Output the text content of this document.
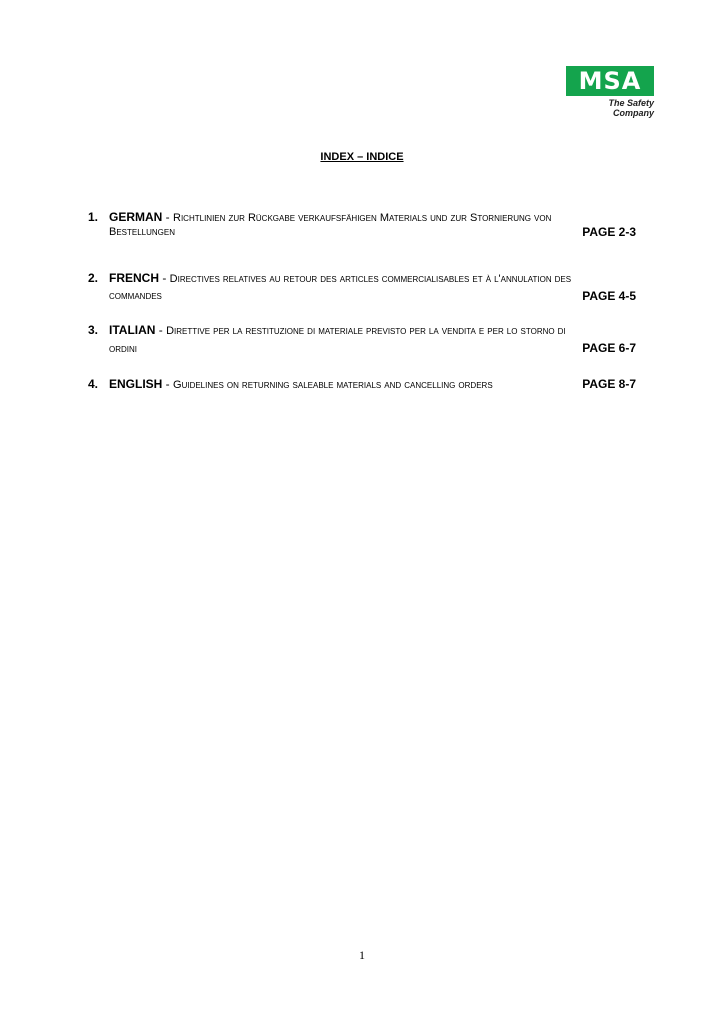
MSA
The Safety Company
INDEX – INDICE
1. GERMAN - Richtlinien zur Rückgabe verkaufsfähigen Materials und zur Stornierung von
Bestellungen	PAGE 2-3
2. FRENCH - Directives relatives au retour des articles commercialisables et à l'annulation des
commandes	PAGE 4-5
3. ITALIAN - Direttive per la restituzione di materiale previsto per la vendita e per lo storno di
ordini	PAGE 6-7
4. ENGLISH - Guidelines on returning saleable materials and cancelling orders	PAGE 8-7
1
